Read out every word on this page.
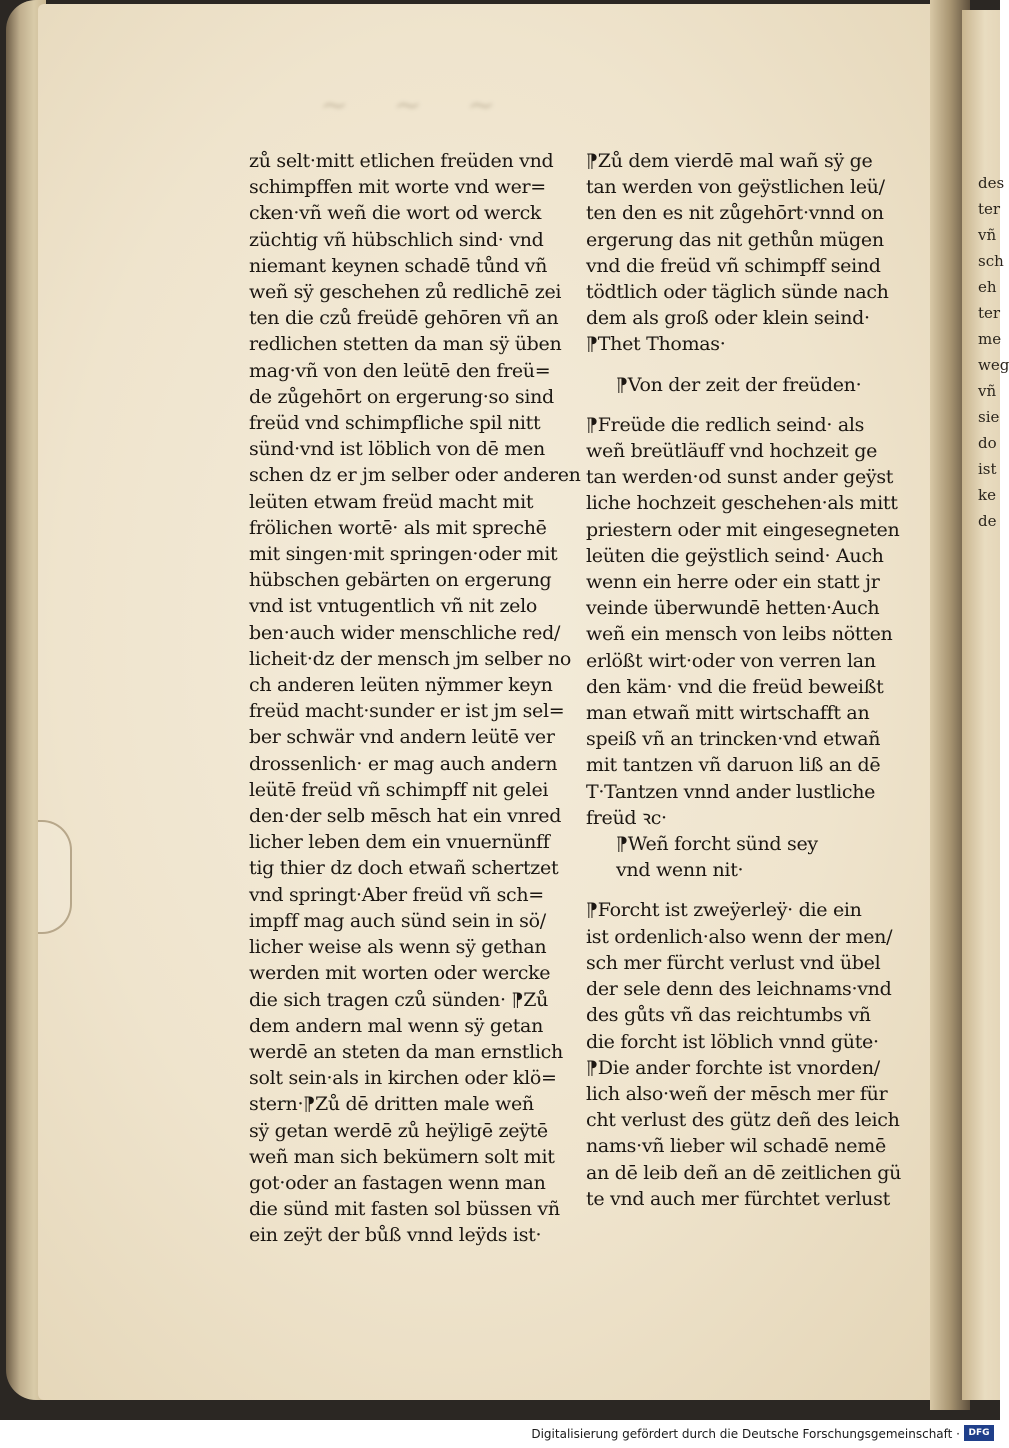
~ ~ ~
zů selt·mitt etlichen freüden vnd
schimpffen mit worte vnd wer=
cken·vñ weñ die wort od werck
züchtig vñ hübschlich sind· vnd
niemant keynen schadē tůnd vñ
weñ sÿ geschehen zů redlichē zei
ten die czů freüdē gehōren vñ an
redlichen stetten da man sÿ üben
mag·vñ von den leütē den freü=
de zůgehōrt on ergerung·so sind
freüd vnd schimpfliche spil nitt
sünd·vnd ist löblich von dē men
schen dz er jm selber oder anderen
leüten etwam freüd macht mit
frölichen wortē· als mit sprechē
mit singen·mit springen·oder mit
hübschen gebärten on ergerung
vnd ist vntugentlich vñ nit zelo
ben·auch wider menschliche red/
licheit·dz der mensch jm selber no
ch anderen leüten nÿmmer keyn
freüd macht·sunder er ist jm sel=
ber schwär vnd andern leütē ver
drossenlich· er mag auch andern
leütē freüd vñ schimpff nit gelei
den·der selb mēsch hat ein vnred
licher leben dem ein vnuernünff
tig thier dz doch etwañ schertzet
vnd springt·Aber freüd vñ sch=
impff mag auch sünd sein in sö/
licher weise als wenn sÿ gethan
werden mit worten oder wercke
die sich tragen czů sünden· ⁋Zů
dem andern mal wenn sÿ getan
werdē an steten da man ernstlich
solt sein·als in kirchen oder klö=
stern·⁋Zů dē dritten male weñ
sÿ getan werdē zů heÿligē zeÿtē
weñ man sich bekümern solt mit
got·oder an fastagen wenn man
die sünd mit fasten sol büssen vñ
ein zeÿt der bůß vnnd leÿds ist·
⁋Zů dem vierdē mal wañ sÿ ge
tan werden von geÿstlichen leü/
ten den es nit zůgehōrt·vnnd on
ergerung das nit gethůn mügen
vnd die freüd vñ schimpff seind
tödtlich oder täglich sünde nach
dem als groß oder klein seind·
⁋Thet Thomas·
⁋Von der zeit der freüden·
⁋Freüde die redlich seind· als
weñ breütläuff vnd hochzeit ge
tan werden·od sunst ander geÿst
liche hochzeit geschehen·als mitt
priestern oder mit eingesegneten
leüten die geÿstlich seind· Auch
wenn ein herre oder ein statt jr
veinde überwundē hetten·Auch
weñ ein mensch von leibs nötten
erlößt wirt·oder von verren lan
den käm· vnd die freüd beweißt
man etwañ mitt wirtschafft an
speiß vñ an trincken·vnd etwañ
mit tantzen vñ daruon liß an dē
T·Tantzen vnnd ander lustliche
freüd ꝛc·
⁋Weñ forcht sünd sey
vnd wenn nit·
⁋Forcht ist zweÿerleÿ· die ein
ist ordenlich·also wenn der men/
sch mer fürcht verlust vnd übel
der sele denn des leichnams·vnd
des gůts vñ das reichtumbs vñ
die forcht ist löblich vnnd güte·
⁋Die ander forchte ist vnorden/
lich also·weñ der mēsch mer für
cht verlust des gütz deñ des leich
nams·vñ lieber wil schadē nemē
an dē leib deñ an dē zeitlichen gü
te vnd auch mer fürchtet verlust
des
ter
vñ
sch
eh
ter
me
weg
vñ
sie
do
ist
ke
de
Digitalisierung gefördert durch die Deutsche Forschungsgemeinschaft · DFG
